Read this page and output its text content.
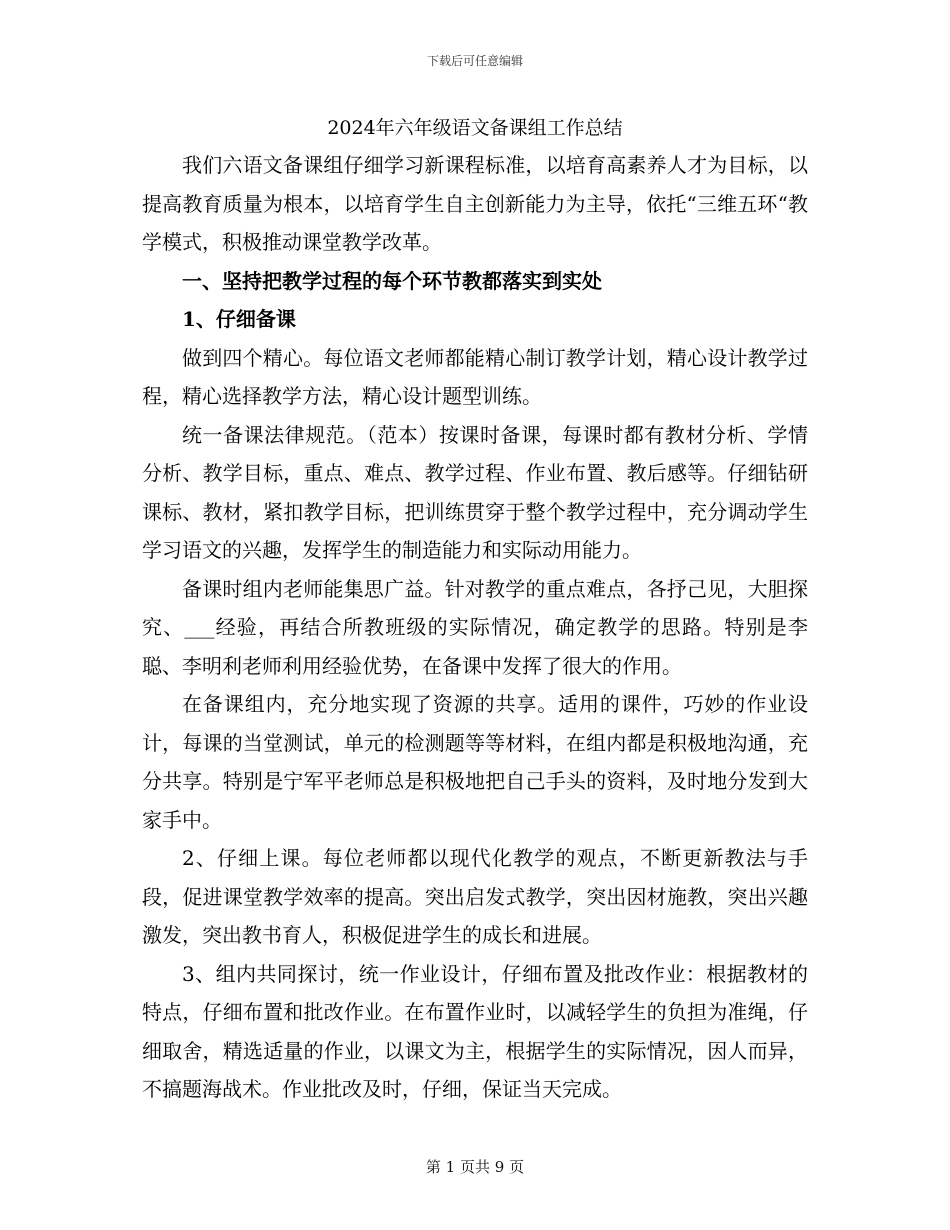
下载后可任意编辑
2024年六年级语文备课组工作总结

我们六语文备课组仔细学习新课程标准，以培育高素养人才为目标，以提高教育质量为根本，以培育学生自主创新能力为主导，依托“三维五环“教学模式，积极推动课堂教学改革。

一、坚持把教学过程的每个环节教都落实到实处

1、仔细备课

做到四个精心。每位语文老师都能精心制订教学计划，精心设计教学过程，精心选择教学方法，精心设计题型训练。

统一备课法律规范。（范本）按课时备课，每课时都有教材分析、学情分析、教学目标，重点、难点、教学过程、作业布置、教后感等。仔细钻研课标、教材，紧扣教学目标，把训练贯穿于整个教学过程中，充分调动学生学习语文的兴趣，发挥学生的制造能力和实际动用能力。

备课时组内老师能集思广益。针对教学的重点难点，各抒己见，大胆探究、___经验，再结合所教班级的实际情况，确定教学的思路。特别是李聪、李明利老师利用经验优势，在备课中发挥了很大的作用。

在备课组内，充分地实现了资源的共享。适用的课件，巧妙的作业设计，每课的当堂测试，单元的检测题等等材料，在组内都是积极地沟通，充分共享。特别是宁军平老师总是积极地把自己手头的资料，及时地分发到大家手中。

2、仔细上课。每位老师都以现代化教学的观点，不断更新教法与手段，促进课堂教学效率的提高。突出启发式教学，突出因材施教，突出兴趣激发，突出教书育人，积极促进学生的成长和进展。

3、组内共同探讨，统一作业设计，仔细布置及批改作业：根据教材的特点，仔细布置和批改作业。在布置作业时，以减轻学生的负担为准绳，仔细取舍，精选适量的作业，以课文为主，根据学生的实际情况，因人而异，不搞题海战术。作业批改及时，仔细，保证当天完成。

第 1 页共 9 页
